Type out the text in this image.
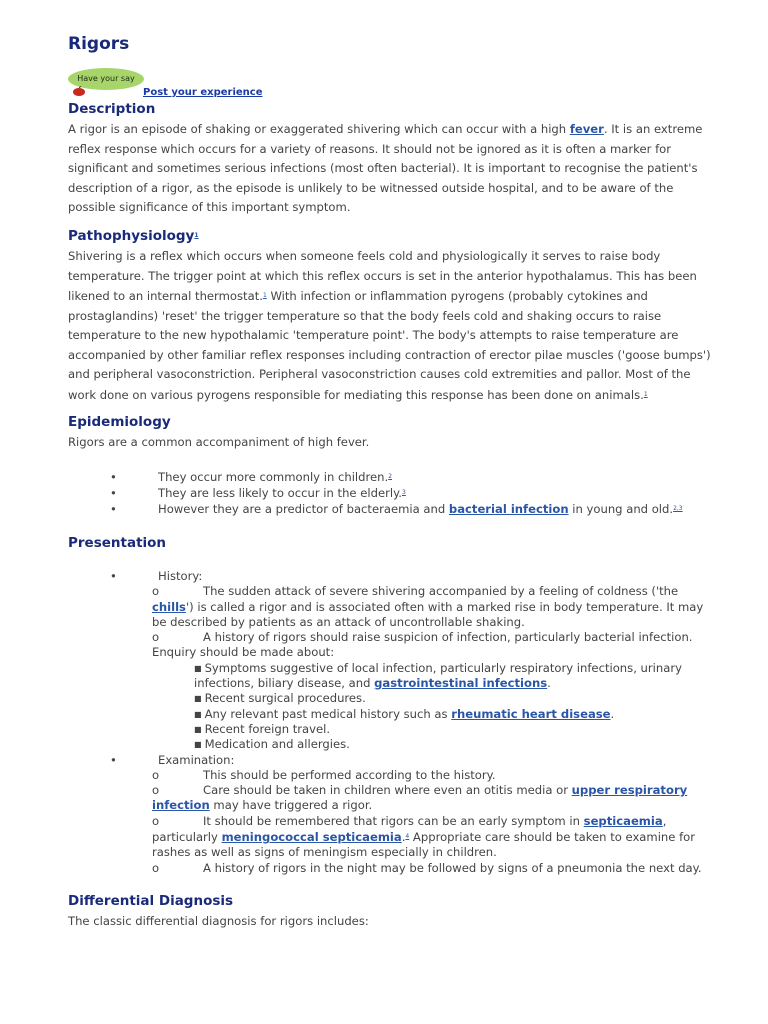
Rigors
Have your say
Post your experience
Description

A rigor is an episode of shaking or exaggerated shivering which can occur with a high fever. It is an extreme reflex response which occurs for a variety of reasons. It should not be ignored as it is often a marker for significant and sometimes serious infections (most often bacterial). It is important to recognise the patient's description of a rigor, as the episode is unlikely to be witnessed outside hospital, and to be aware of the possible significance of this important symptom.

Pathophysiology$^1$

Shivering is a reflex which occurs when someone feels cold and physiologically it serves to raise body temperature. The trigger point at which this reflex occurs is set in the anterior hypothalamus. This has been likened to an internal thermostat.$^1$ With infection or inflammation pyrogens (probably cytokines and prostaglandins) 'reset' the trigger temperature so that the body feels cold and shaking occurs to raise temperature to the new hypothalamic 'temperature point'. The body's attempts to raise temperature are accompanied by other familiar reflex responses including contraction of erector pilae muscles ('goose bumps') and peripheral vasoconstriction. Peripheral vasoconstriction causes cold extremities and pallor. Most of the work done on various pyrogens responsible for mediating this response has been done on animals.$^1$

Epidemiology

Rigors are a common accompaniment of high fever.

•	They occur more commonly in children.$^2$
•	They are less likely to occur in the elderly.$^3$
•	However they are a predictor of bacteraemia and bacterial infection in young and old.$^{2,3}$
Presentation
•	History:
o	The sudden attack of severe shivering accompanied by a feeling of coldness ('the chills') is called a rigor and is associated often with a marked rise in body temperature. It may be described by patients as an attack of uncontrollable shaking.
o	A history of rigors should raise suspicion of infection, particularly bacterial infection. Enquiry should be made about:
■ Symptoms suggestive of local infection, particularly respiratory infections, urinary infections, biliary disease, and gastrointestinal infections.
■ Recent surgical procedures.
■ Any relevant past medical history such as rheumatic heart disease.
■ Recent foreign travel.
■ Medication and allergies.
•	Examination:
o	This should be performed according to the history.
o	Care should be taken in children where even an otitis media or upper respiratory infection may have triggered a rigor.
o	It should be remembered that rigors can be an early symptom in septicaemia, particularly meningococcal septicaemia.$^4$ Appropriate care should be taken to examine for rashes as well as signs of meningism especially in children.
o	A history of rigors in the night may be followed by signs of a pneumonia the next day.
Differential Diagnosis

The classic differential diagnosis for rigors includes:
